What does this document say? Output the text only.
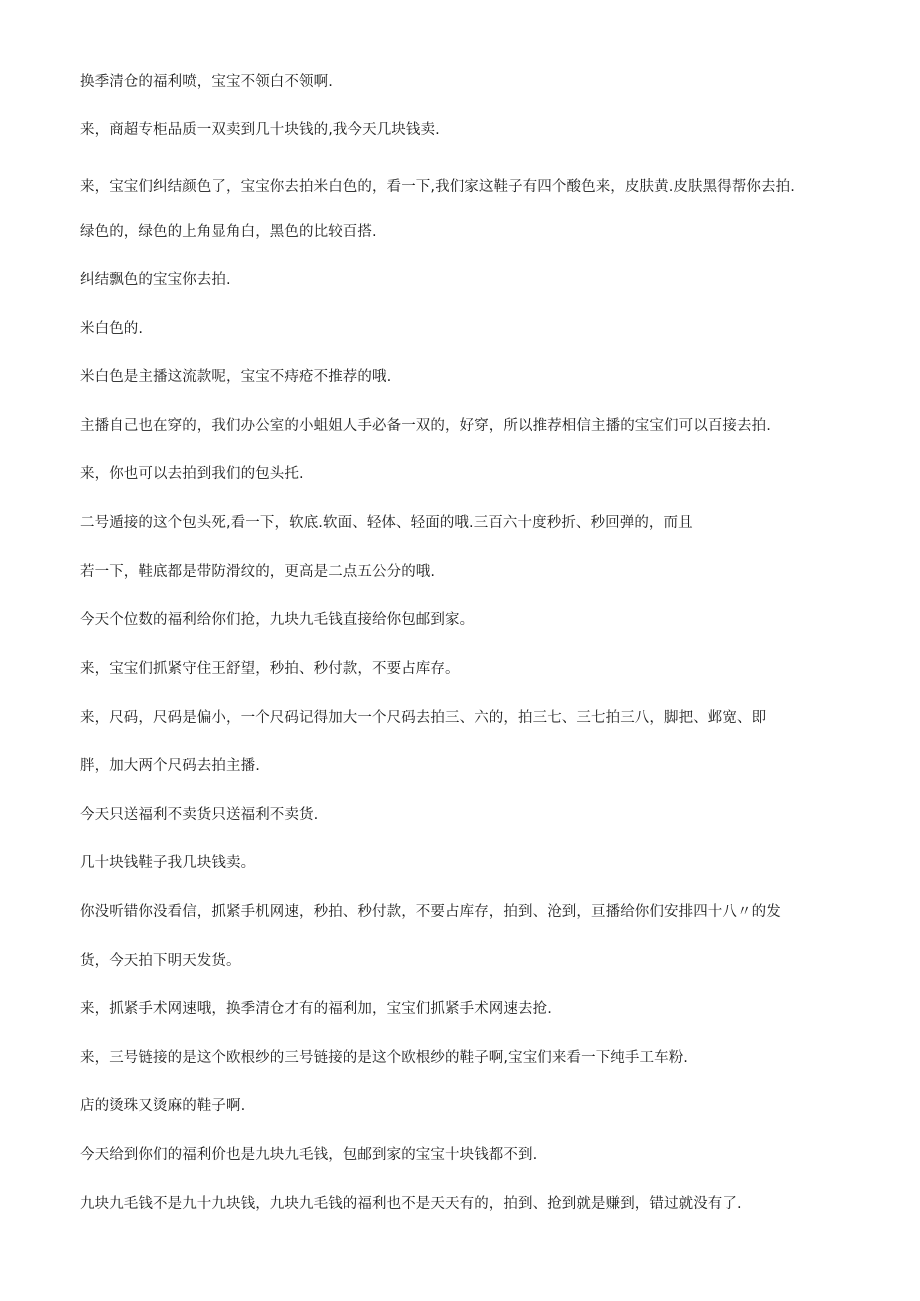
换季清仓的福利喷，宝宝不领白不领啊.

来，商超专柜品质一双卖到几十块钱的,我今天几块钱卖.

来，宝宝们纠结颜色了，宝宝你去拍米白色的，看一下,我们家这鞋子有四个酸色来，皮肤黄.皮肤黑得帮你去拍.

绿色的，绿色的上角显角白，黑色的比较百搭.

纠结飘色的宝宝你去拍.

米白色的.

米白色是主播这流款呢，宝宝不痔疮不推荐的哦.

主播自己也在穿的，我们办公室的小蛆姐人手必备一双的，好穿，所以推荐相信主播的宝宝们可以百接去拍.

来，你也可以去拍到我们的包头托.

二号遁接的这个包头死,看一下，软底.软面、轻体、轻面的哦.三百六十度秒折、秒回弹的，而且

若一下，鞋底都是带防滑纹的，更高是二点五公分的哦.

今天个位数的福利给你们抢，九块九毛钱直接给你包邮到家。

来，宝宝们抓紧守住王舒望，秒拍、秒付款，不要占库存。

来，尺码，尺码是偏小，一个尺码记得加大一个尺码去拍三、六的，拍三七、三七拍三八，脚把、邺宽、即

胖，加大两个尺码去拍主播.

今天只送福利不卖货只送福利不卖货.

几十块钱鞋子我几块钱卖。

你没听错你没看信，抓紧手机网速，秒拍、秒付款，不要占库存，拍到、沧到，亘播给你们安排四十八〃的发

货，今天拍下明天发货。

来，抓紧手术网速哦，换季清仓才有的福利加，宝宝们抓紧手术网速去抢.

来，三号链接的是这个欧根纱的三号链接的是这个欧根纱的鞋子啊,宝宝们来看一下纯手工车粉.

店的烫珠又烫麻的鞋子啊.

今天给到你们的福利价也是九块九毛钱，包邮到家的宝宝十块钱都不到.

九块九毛钱不是九十九块钱，九块九毛钱的福利也不是天天有的，拍到、抢到就是赚到，错过就没有了.
